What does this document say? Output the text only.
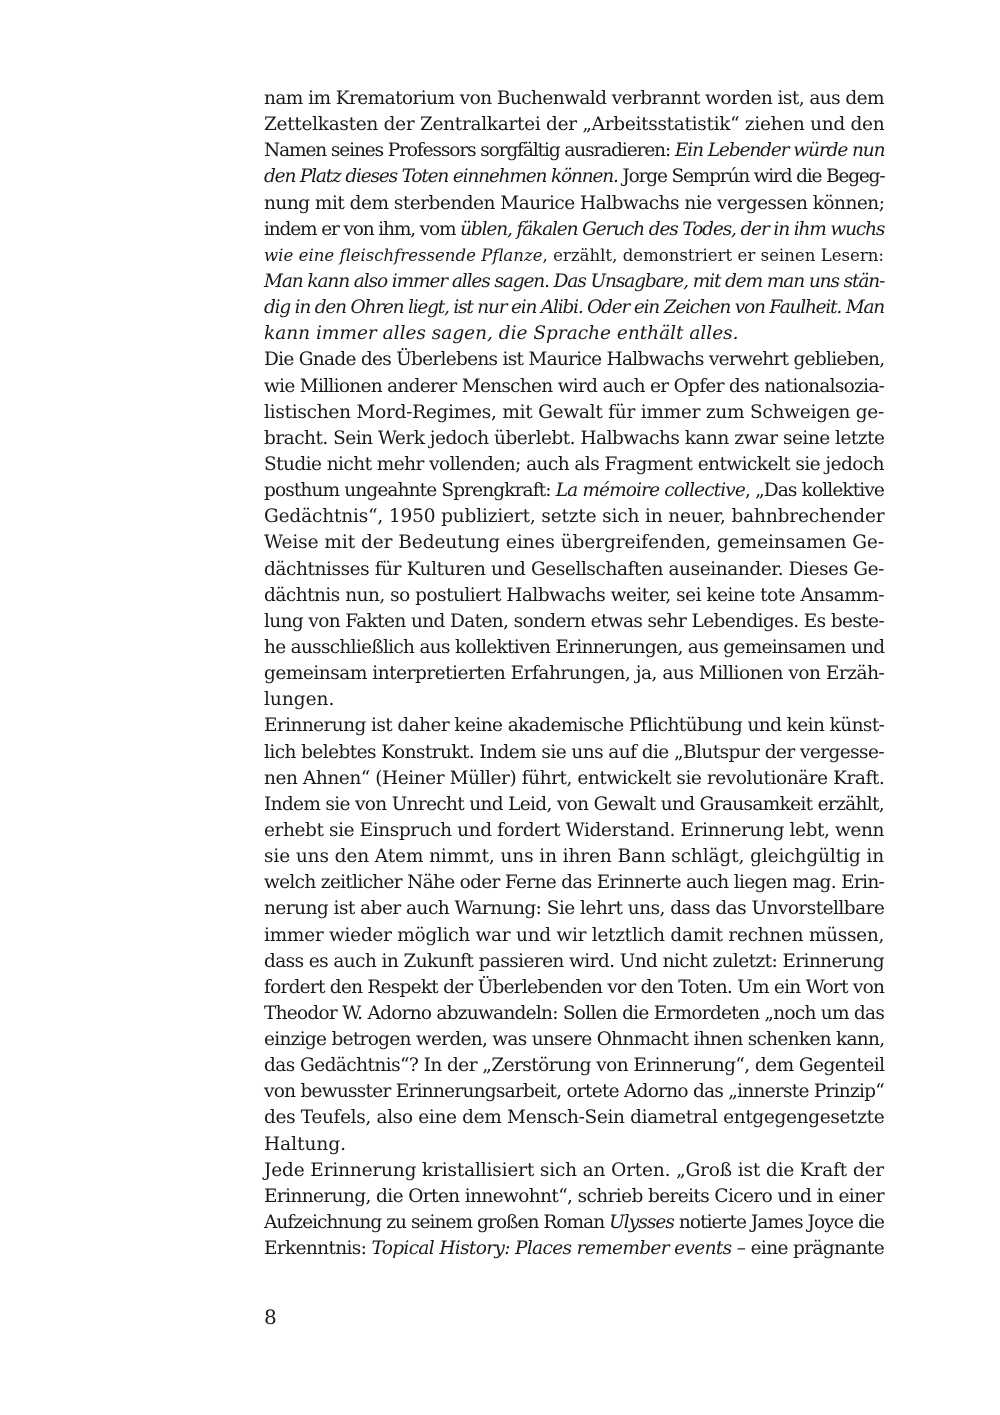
nam im Krematorium von Buchenwald verbrannt worden ist, aus dem
Zettelkasten der Zentralkartei der „Arbeitsstatistik“ ziehen und den
Namen seines Professors sorgfältig ausradieren: Ein Lebender würde nun
den Platz dieses Toten einnehmen können. Jorge Semprún wird die Begeg-
nung mit dem sterbenden Maurice Halbwachs nie vergessen können;
indem er von ihm, vom üblen, fäkalen Geruch des Todes, der in ihm wuchs
wie eine fleischfressende Pflanze, erzählt, demonstriert er seinen Lesern:
Man kann also immer alles sagen. Das Unsagbare, mit dem man uns stän-
dig in den Ohren liegt, ist nur ein Alibi. Oder ein Zeichen von Faulheit. Man
kann immer alles sagen, die Sprache enthält alles.
Die Gnade des Überlebens ist Maurice Halbwachs verwehrt geblieben,
wie Millionen anderer Menschen wird auch er Opfer des nationalsozia-
listischen Mord-Regimes, mit Gewalt für immer zum Schweigen ge-
bracht. Sein Werk jedoch überlebt. Halbwachs kann zwar seine letzte
Studie nicht mehr vollenden; auch als Fragment entwickelt sie jedoch
posthum ungeahnte Sprengkraft: La mémoire collective, „Das kollektive
Gedächtnis“, 1950 publiziert, setzte sich in neuer, bahnbrechender
Weise mit der Bedeutung eines übergreifenden, gemeinsamen Ge-
dächtnisses für Kulturen und Gesellschaften auseinander. Dieses Ge-
dächtnis nun, so postuliert Halbwachs weiter, sei keine tote Ansamm-
lung von Fakten und Daten, sondern etwas sehr Lebendiges. Es beste-
he ausschließlich aus kollektiven Erinnerungen, aus gemeinsamen und
gemeinsam interpretierten Erfahrungen, ja, aus Millionen von Erzäh-
lungen.
Erinnerung ist daher keine akademische Pflichtübung und kein künst-
lich belebtes Konstrukt. Indem sie uns auf die „Blutspur der vergesse-
nen Ahnen“ (Heiner Müller) führt, entwickelt sie revolutionäre Kraft.
Indem sie von Unrecht und Leid, von Gewalt und Grausamkeit erzählt,
erhebt sie Einspruch und fordert Widerstand. Erinnerung lebt, wenn
sie uns den Atem nimmt, uns in ihren Bann schlägt, gleichgültig in
welch zeitlicher Nähe oder Ferne das Erinnerte auch liegen mag. Erin-
nerung ist aber auch Warnung: Sie lehrt uns, dass das Unvorstellbare
immer wieder möglich war und wir letztlich damit rechnen müssen,
dass es auch in Zukunft passieren wird. Und nicht zuletzt: Erinnerung
fordert den Respekt der Überlebenden vor den Toten. Um ein Wort von
Theodor W. Adorno abzuwandeln: Sollen die Ermordeten „noch um das
einzige betrogen werden, was unsere Ohnmacht ihnen schenken kann,
das Gedächtnis“? In der „Zerstörung von Erinnerung“, dem Gegenteil
von bewusster Erinnerungsarbeit, ortete Adorno das „innerste Prinzip“
des Teufels, also eine dem Mensch-Sein diametral entgegengesetzte
Haltung.
Jede Erinnerung kristallisiert sich an Orten. „Groß ist die Kraft der
Erinnerung, die Orten innewohnt“, schrieb bereits Cicero und in einer
Aufzeichnung zu seinem großen Roman Ulysses notierte James Joyce die
Erkenntnis: Topical History: Places remember events – eine prägnante
8
